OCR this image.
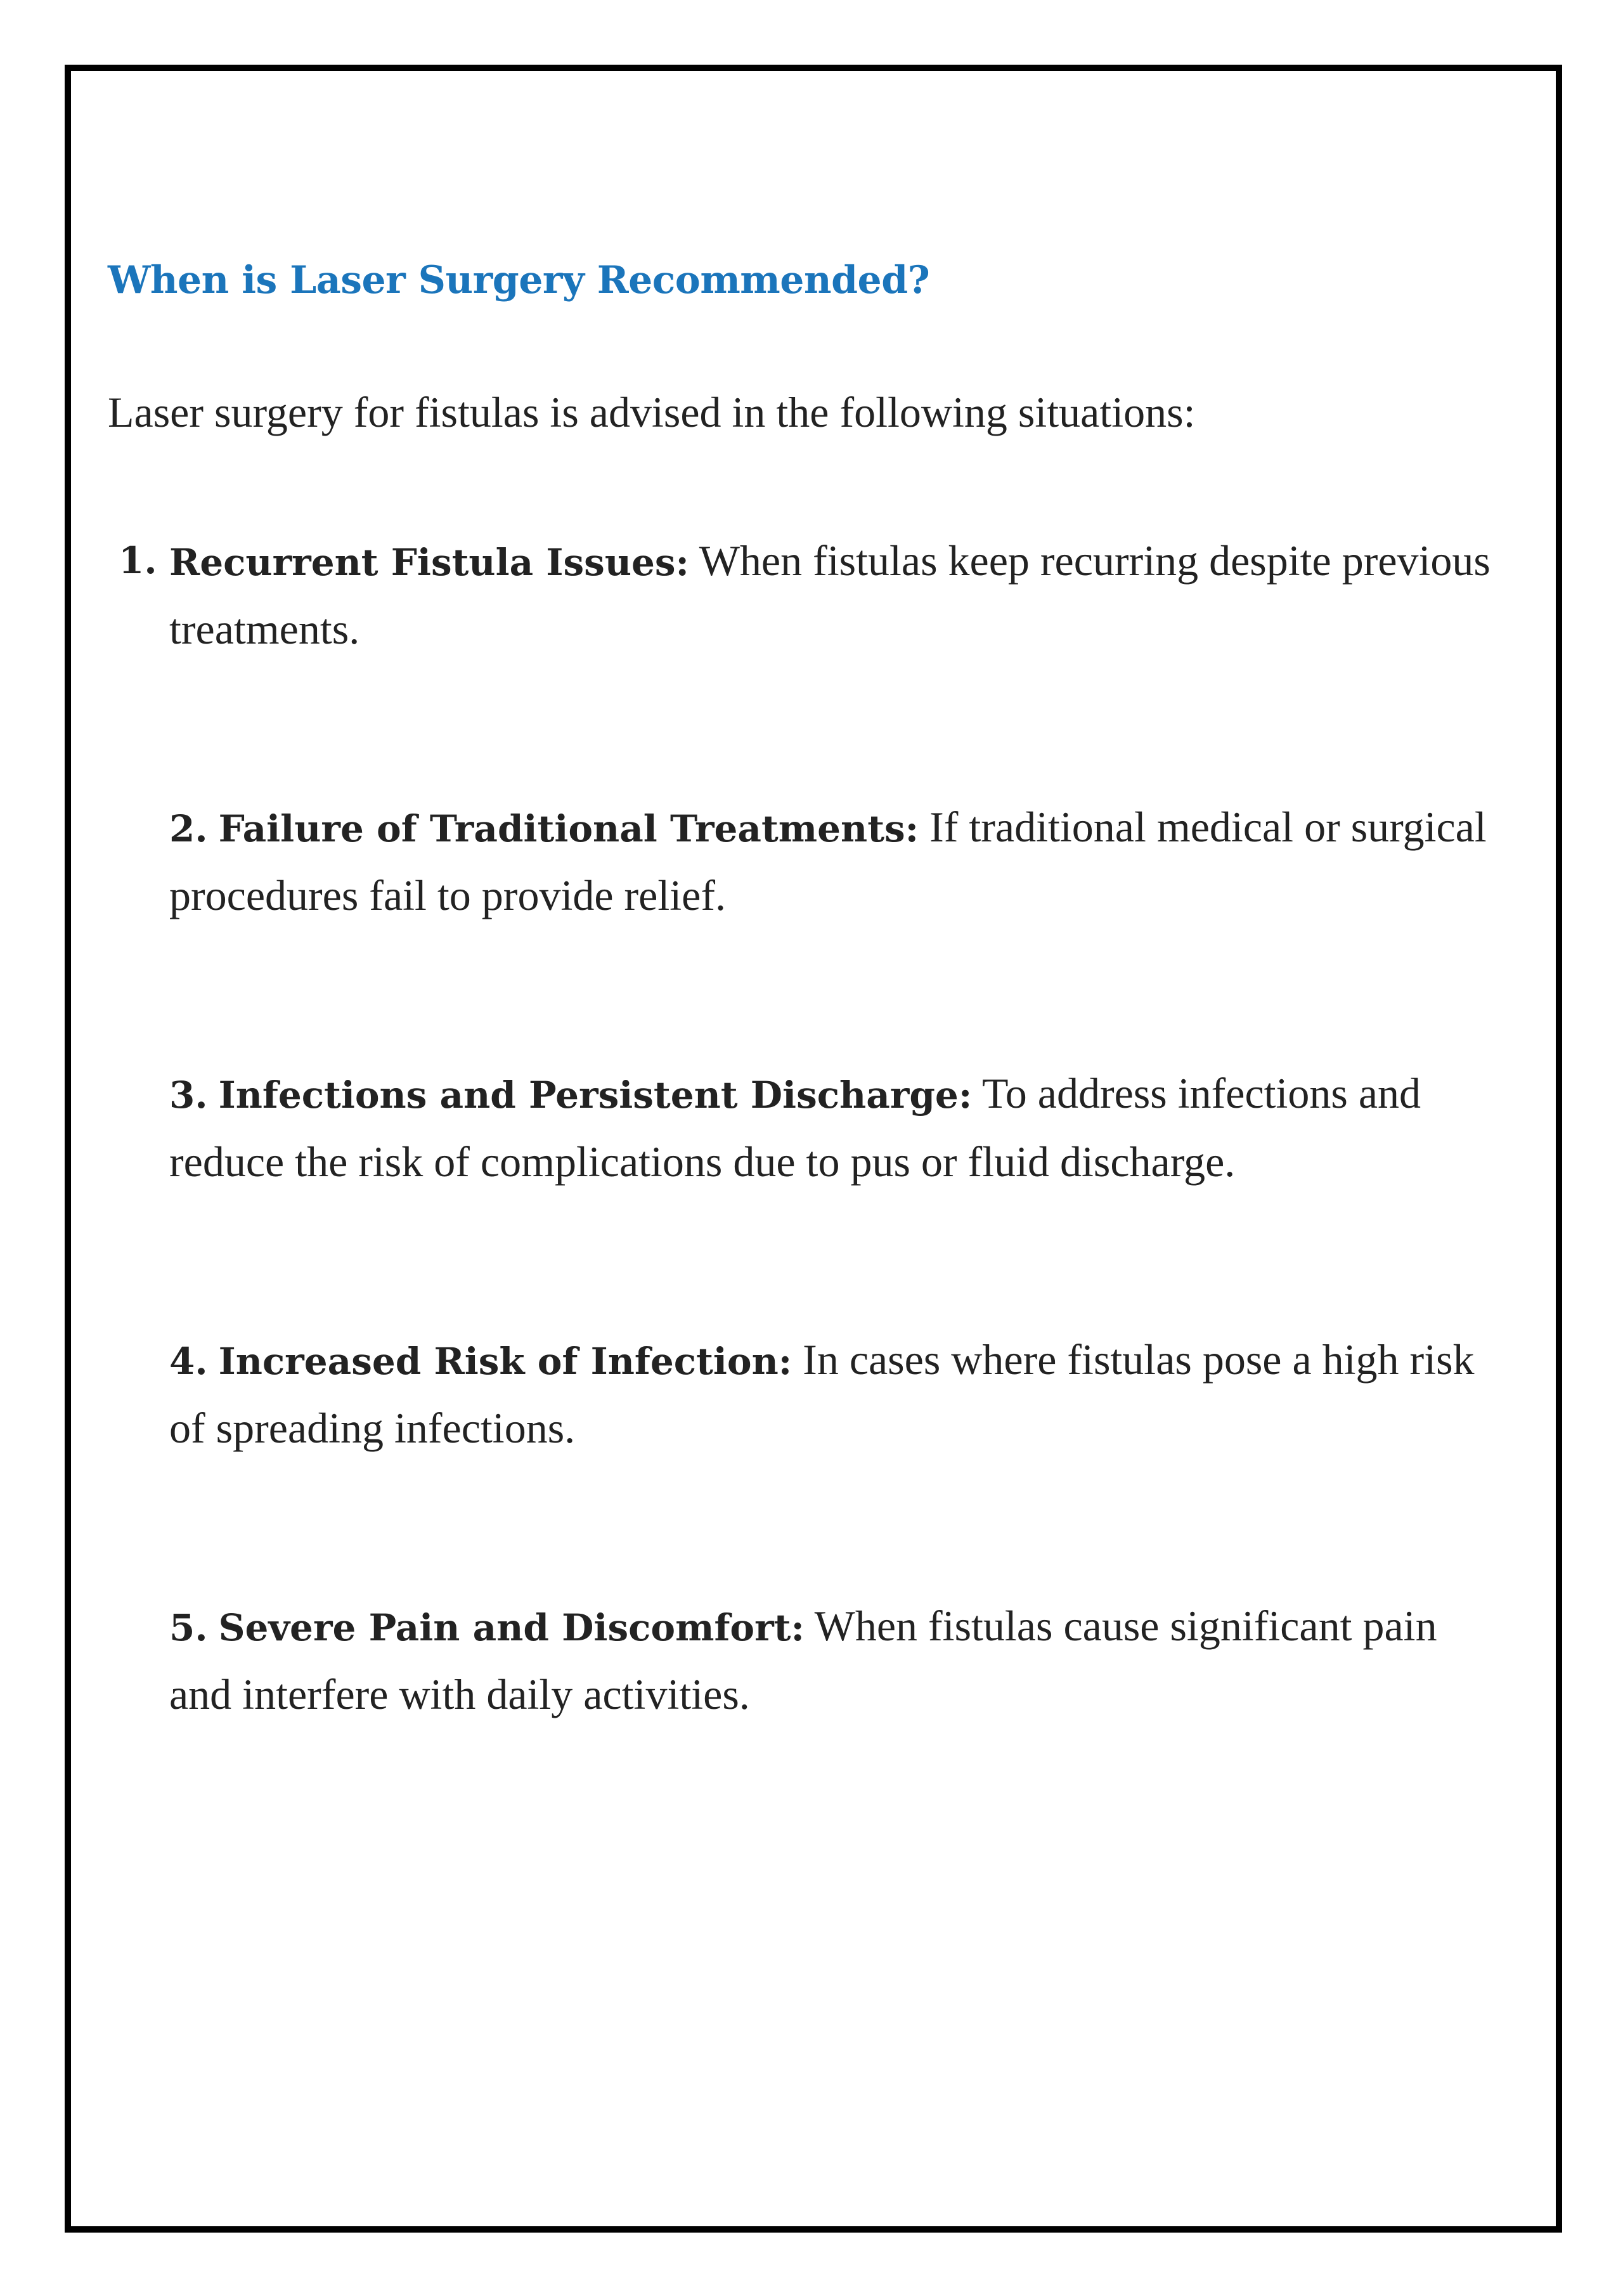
When is Laser Surgery Recommended?

Laser surgery for fistulas is advised in the following situations:

1. Recurrent Fistula Issues: When fistulas keep recurring despite previous treatments.
2. Failure of Traditional Treatments: If traditional medical or surgical procedures fail to provide relief.
3. Infections and Persistent Discharge: To address infections and reduce the risk of complications due to pus or fluid discharge.
4. Increased Risk of Infection: In cases where fistulas pose a high risk of spreading infections.
5. Severe Pain and Discomfort: When fistulas cause significant pain and interfere with daily activities.
